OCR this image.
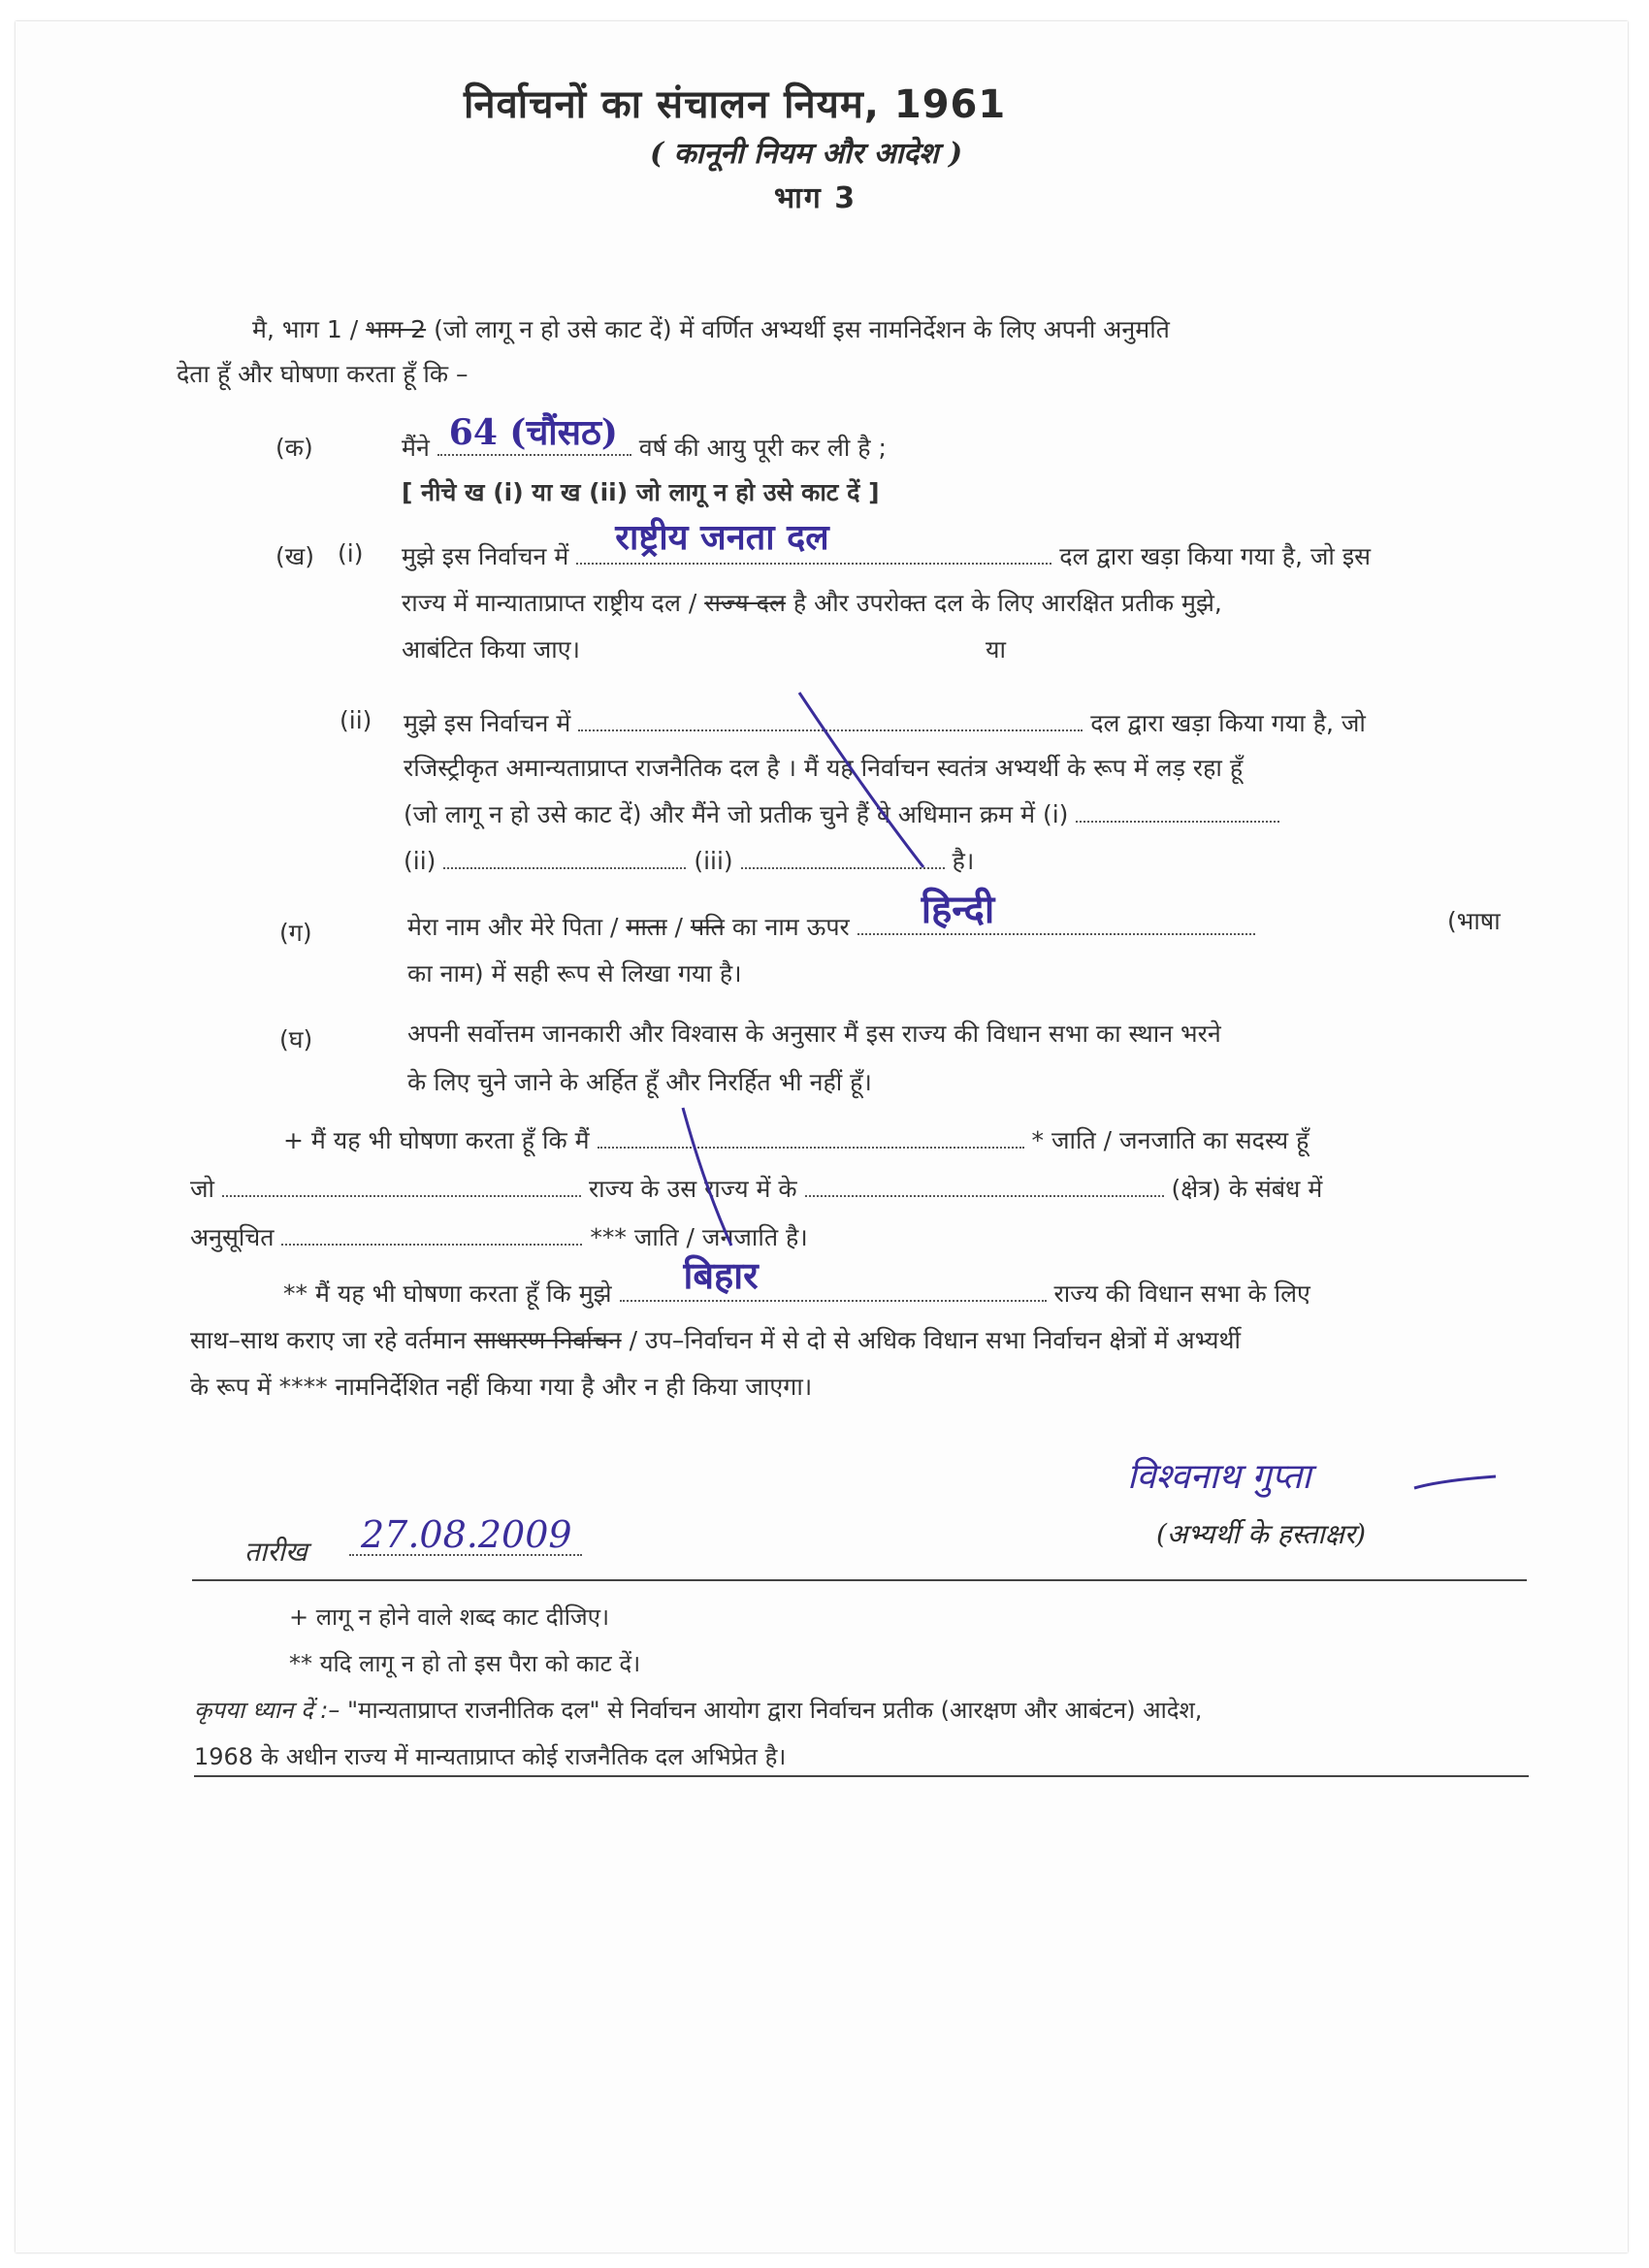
निर्वाचनों का संचालन नियम, 1961
( कानूनी नियम और आदेश )
भाग 3
मै, भाग 1 / भाग 2 (जो लागू न हो उसे काट दें) में वर्णित अभ्यर्थी इस नामनिर्देशन के लिए अपनी अनुमति
देता हूँ और घोषणा करता हूँ कि –
(क)	मैंने 64 (चौंसठ) वर्ष की आयु पूरी कर ली है ;
[ नीचे ख (i) या ख (ii) जो लागू न हो उसे काट दें ]
(ख) (i) मुझे इस निर्वाचन में राष्ट्रीय जनता दल	दल द्वारा खड़ा किया गया है, जो इस
राज्य में मान्याताप्राप्त राष्ट्रीय दल / राज्य दल है और उपरोक्त दल के लिए आरक्षित प्रतीक मुझे,
आबंटित किया जाए।	या
(ii) मुझे इस निर्वाचन में	दल द्वारा खड़ा किया गया है, जो
रजिस्ट्रीकृत अमान्यताप्राप्त राजनैतिक दल है । मैं यह निर्वाचन स्वतंत्र अभ्यर्थी के रूप में लड़ रहा हूँ
(जो लागू न हो उसे काट दें) और मैंने जो प्रतीक चुने हैं वे अधिमान क्रम में (i)
(ii)	(iii)	है।
(ग)	मेरा नाम और मेरे पिता / माता / पति का नाम ऊपर हिन्दी	(भाषा
का नाम) में सही रूप से लिखा गया है।
(घ)	अपनी सर्वोत्तम जानकारी और विश्वास के अनुसार मैं इस राज्य की विधान सभा का स्थान भरने
के लिए चुने जाने के अर्हित हूँ और निरर्हित भी नहीं हूँ।
+ मैं यह भी घोषणा करता हूँ कि मैं	* जाति / जनजाति का सदस्य हूँ
जो	राज्य के उस राज्य में के	(क्षेत्र) के संबंध में
अनुसूचित	*** जाति / जनजाति है।
** मैं यह भी घोषणा करता हूँ कि मुझे बिहार	राज्य की विधान सभा के लिए
साथ–साथ कराए जा रहे वर्तमान साधारण निर्वाचन / उप–निर्वाचन में से दो से अधिक विधान सभा निर्वाचन क्षेत्रों में अभ्यर्थी
के रूप में **** नामनिर्देशित नहीं किया गया है और न ही किया जाएगा।
विश्वनाथ गुप्ता
(अभ्यर्थी के हस्ताक्षर)
तारीख 27.08.2009
+ लागू न होने वाले शब्द काट दीजिए।
** यदि लागू न हो तो इस पैरा को काट दें।
कृपया ध्यान दें :– "मान्यताप्राप्त राजनीतिक दल" से निर्वाचन आयोग द्वारा निर्वाचन प्रतीक (आरक्षण और आबंटन) आदेश,
1968 के अधीन राज्य में मान्यताप्राप्त कोई राजनैतिक दल अभिप्रेत है।
